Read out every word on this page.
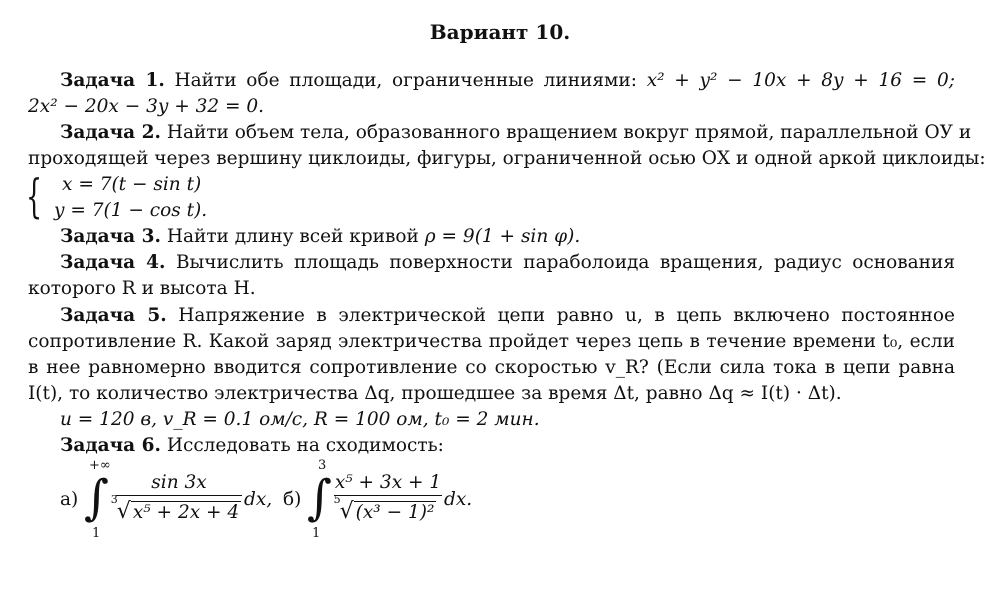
Вариант 10.
Задача 1. Найти обе площади, ограниченные линиями: x² + y² − 10x + 8y + 16 = 0;
2x² − 20x − 3y + 32 = 0.
Задача 2. Найти объем тела, образованного вращением вокруг прямой, параллельной ОУ и
проходящей через вершину циклоиды, фигуры, ограниченной осью ОХ и одной аркой циклоиды:
{ x = 7(t − sin t)
y = 7(1 − cos t).
Задача 3. Найти длину всей кривой ρ = 9(1 + sin φ).
Задача 4. Вычислить площадь поверхности параболоида вращения, радиус основания
которого R и высота H.
Задача 5. Напряжение в электрической цепи равно u, в цепь включено постоянное
сопротивление R. Какой заряд электричества пройдет через цепь в течение времени t₀, если
в нее равномерно вводится сопротивление со скоростью v_R? (Если сила тока в цепи равна
I(t), то количество электричества Δq, прошедшее за время Δt, равно Δq ≈ I(t) · Δt).
u = 120 в, v_R = 0.1 ом/с, R = 100 ом, t₀ = 2 мин.
Задача 6. Исследовать на сходимость:
а)
+∞
∫
1
sin 3x
3 √ x⁵ + 2x + 4
dx, б)
3
∫
1
x⁵ + 3x + 1
5 √ (x³ − 1)²
dx.
